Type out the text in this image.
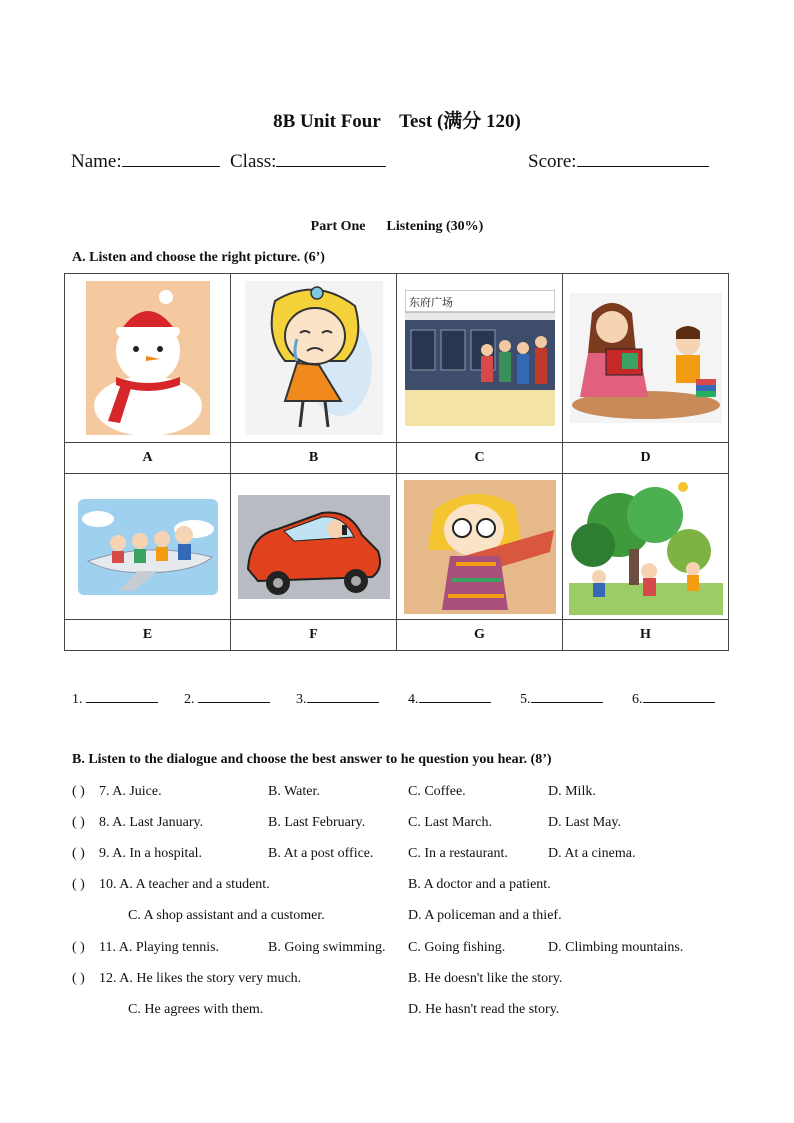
8B Unit Four    Test (满分 120)
Name:	Class:	Score:
Part One      Listening (30%)
A. Listen and choose the right picture. (6’)

东府广场

A	B	C	D

E	F	G	H
1.	2.	3.	4.	5.	6.
B. Listen to the dialogue and choose the best answer to he question you hear. (8’)
( ) 7. A. Juice.	B. Water.	C. Coffee.	D. Milk.
( ) 8. A. Last January.	B. Last February.	C. Last March.	D. Last May.
( ) 9. A. In a hospital.	B. At a post office. C. In a restaurant.	D. At a cinema.
( ) 10. A. A teacher and a student.	B. A doctor and a patient.
C. A shop assistant and a customer.	D. A policeman and a thief.
( ) 11. A. Playing tennis.	B. Going swimming. C. Going fishing.	D. Climbing mountains.
( ) 12. A. He likes the story very much.	B. He doesn't like the story.
C. He agrees with them.	D. He hasn't read the story.
